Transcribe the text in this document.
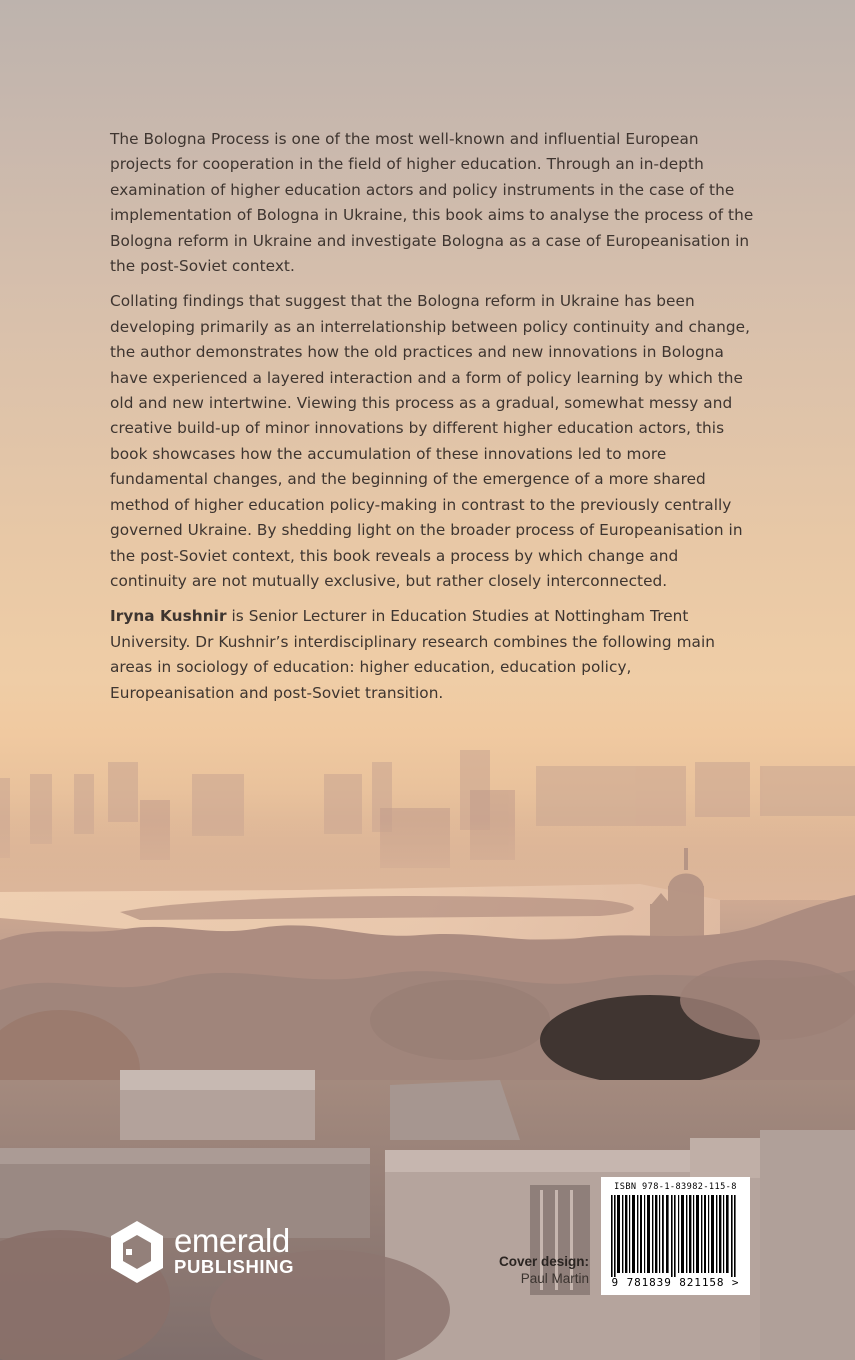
The Bologna Process is one of the most well-known and influential European projects for cooperation in the field of higher education. Through an in-depth examination of higher education actors and policy instruments in the case of the implementation of Bologna in Ukraine, this book aims to analyse the process of the Bologna reform in Ukraine and investigate Bologna as a case of Europeanisation in the post-Soviet context.

Collating findings that suggest that the Bologna reform in Ukraine has been developing primarily as an interrelationship between policy continuity and change, the author demonstrates how the old practices and new innovations in Bologna have experienced a layered interaction and a form of policy learning by which the old and new intertwine. Viewing this process as a gradual, somewhat messy and creative build-up of minor innovations by different higher education actors, this book showcases how the accumulation of these innovations led to more fundamental changes, and the beginning of the emergence of a more shared method of higher education policy-making in contrast to the previously centrally governed Ukraine. By shedding light on the broader process of Europeanisation in the post-Soviet context, this book reveals a process by which change and continuity are not mutually exclusive, but rather closely interconnected.

Iryna Kushnir is Senior Lecturer in Education Studies at Nottingham Trent University. Dr Kushnir’s interdisciplinary research combines the following main areas in sociology of education: higher education, education policy, Europeanisation and post-Soviet transition.

emerald
PUBLISHING	Cover design:
Paul Martin
ISBN 978-1-83982-115-8
9 781839 821158 >
